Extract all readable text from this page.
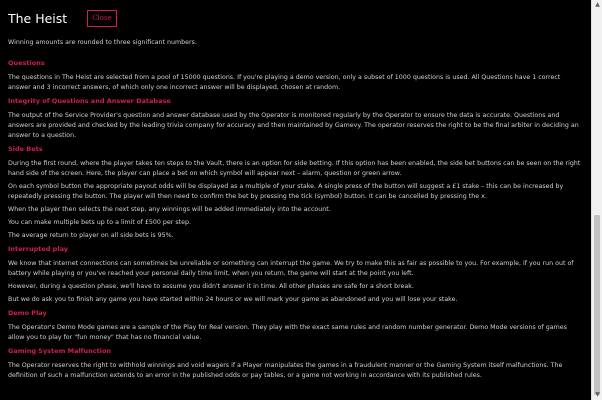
The Heist	Close

Winning amounts are rounded to three significant numbers.

Questions

The questions in The Heist are selected from a pool of 15000 questions. If you're playing a demo version, only a subset of 1000 questions is used. All Questions have 1 correct answer and 3 incorrect answers, of which only one incorrect answer will be displayed, chosen at random.

Integrity of Questions and Answer Database

The output of the Service Provider's question and answer database used by the Operator is monitored regularly by the Operator to ensure the data is accurate. Questions and answers are provided and checked by the leading trivia company for accuracy and then maintained by Gamevy. The operator reserves the right to be the final arbiter in deciding an answer to a question.

Side Bets

During the first round, where the player takes ten steps to the Vault, there is an option for side betting. If this option has been enabled, the side bet buttons can be seen on the right hand side of the screen. Here, the player can place a bet on which symbol will appear next – alarm, question or green arrow.

On each symbol button the appropriate payout odds will be displayed as a multiple of your stake. A single press of the button will suggest a £1 stake – this can be increased by repeatedly pressing the button. The player will then need to confirm the bet by pressing the tick (symbol) button. It can be cancelled by pressing the x.

When the player then selects the next step, any winnings will be added immediately into the account.

You can make multiple bets up to a limit of £500 per step.

The average return to player on all side bets is 95%.

Interrupted play

We know that internet connections can sometimes be unreliable or something can interrupt the game. We try to make this as fair as possible to you. For example, if you run out of battery while playing or you've reached your personal daily time limit, when you return, the game will start at the point you left.

However, during a question phase, we'll have to assume you didn't answer it in time. All other phases are safe for a short break.

But we do ask you to finish any game you have started within 24 hours or we will mark your game as abandoned and you will lose your stake.

Demo Play

The Operator's Demo Mode games are a sample of the Play for Real version. They play with the exact same rules and random number generator. Demo Mode versions of games allow you to play for "fun money" that has no financial value.

Gaming System Malfunction

The Operator reserves the right to withhold winnings and void wagers if a Player manipulates the games in a fraudulent manner or the Gaming System itself malfunctions. The definition of such a malfunction extends to an error in the published odds or pay tables, or a game not working in accordance with its published rules.

▲
▼
